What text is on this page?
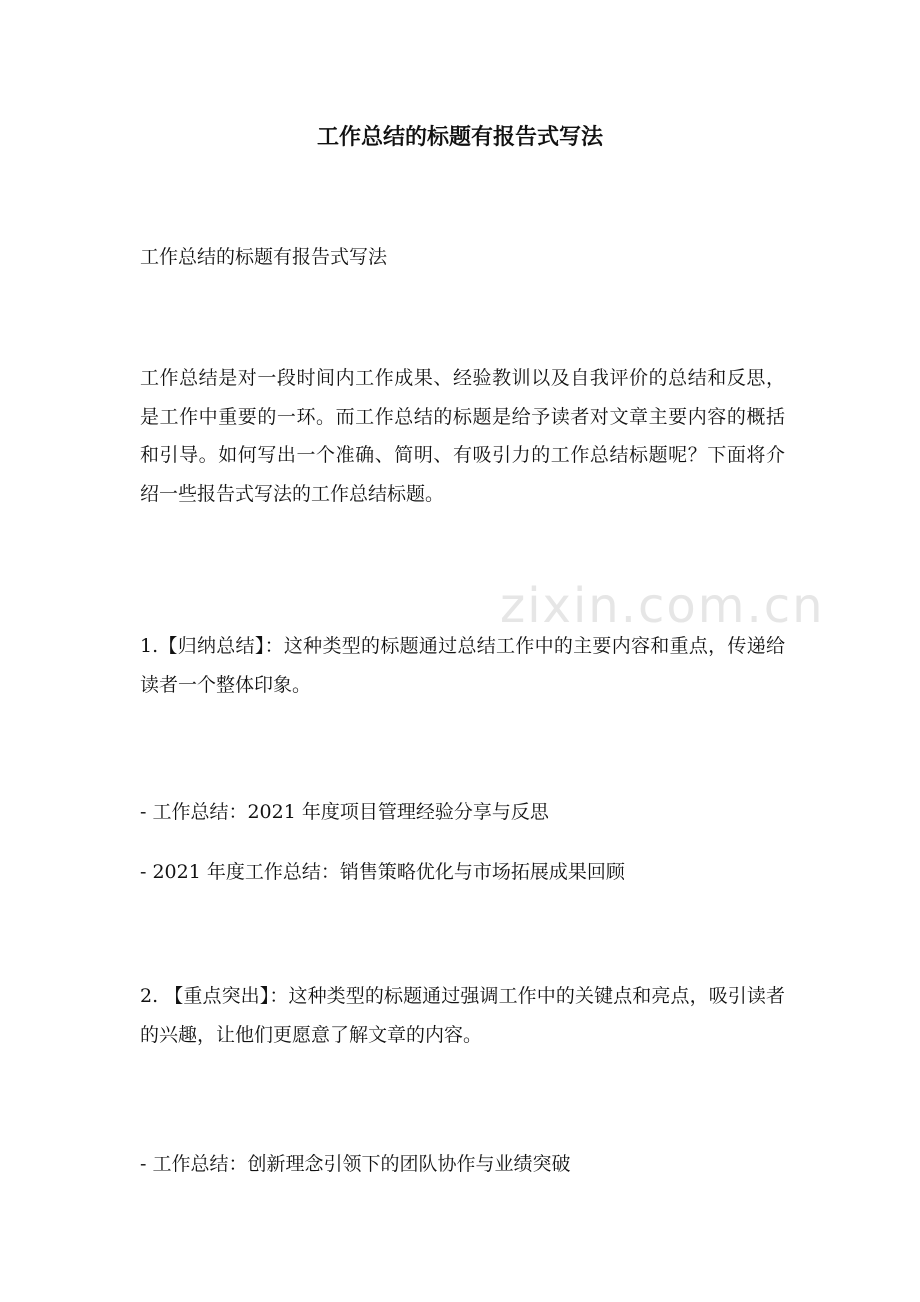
zixin.com.cn
工作总结的标题有报告式写法
工作总结的标题有报告式写法
工作总结是对一段时间内工作成果、经验教训以及自我评价的总结和反思，是工作中重要的一环。而工作总结的标题是给予读者对文章主要内容的概括和引导。如何写出一个准确、简明、有吸引力的工作总结标题呢？下面将介绍一些报告式写法的工作总结标题。
1.【归纳总结】：这种类型的标题通过总结工作中的主要内容和重点，传递给读者一个整体印象。
- 工作总结：2021 年度项目管理经验分享与反思
- 2021 年度工作总结：销售策略优化与市场拓展成果回顾
2. 【重点突出】：这种类型的标题通过强调工作中的关键点和亮点，吸引读者的兴趣，让他们更愿意了解文章的内容。
- 工作总结：创新理念引领下的团队协作与业绩突破
